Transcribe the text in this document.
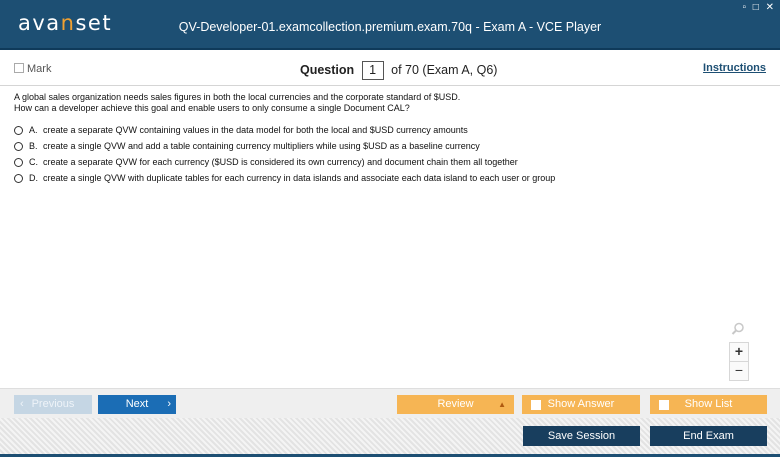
avanset	QV-Developer-01.examcollection.premium.exam.70q - Exam A - VCE Player
▫ □ ✕
Mark	Question 1 of 70 (Exam A, Q6)	Instructions

A global sales organization needs sales figures in both the local currencies and the corporate standard of $USD.

How can a developer achieve this goal and enable users to only consume a single Document CAL?

A. create a separate QVW containing values in the data model for both the local and $USD currency amounts
B. create a single QVW and add a table containing currency multipliers while using $USD as a baseline currency
C. create a separate QVW for each currency ($USD is considered its own currency) and document chain them all together
D. create a single QVW with duplicate tables for each currency in data islands and associate each data island to each user or group
+
−
‹ Previous	Next ›	Review	▲	Show Answer	Show List
Save Session	End Exam
